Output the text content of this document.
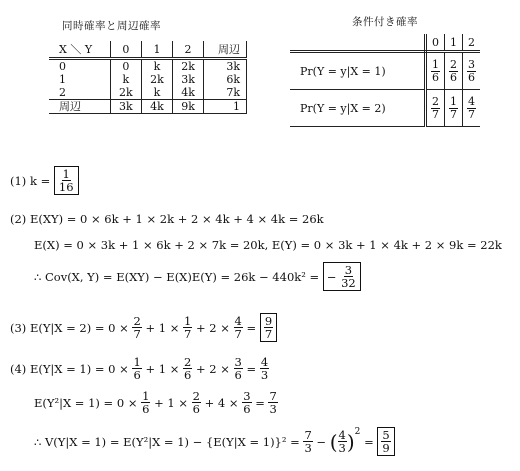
同時確率と周辺確率	条件付き確率
X ＼ Y	0	1	2	周辺
0	0	k	2k	3k
1	k	2k	3k	6k
2	2k	k	4k	7k
周辺	3k	4k	9k	1
	0	1	2
Pr(Y = y|X = 1)	$\frac{1}{6}$	$\frac{2}{6}$	$\frac{3}{6}$

Pr(Y = y|X = 2)	$\frac{2}{7}$	$\frac{1}{7}$	$\frac{4}{7}$
(1) k =
$\frac{1}{16}$
(2) E(XY) = 0 × 6k + 1 × 2k + 2 × 4k + 4 × 4k = 26k
E(X) = 0 × 3k + 1 × 6k + 2 × 7k = 20k, E(Y) = 0 × 3k + 1 × 4k + 2 × 9k = 22k
∴ Cov(X, Y) = E(XY) − E(X)E(Y) = 26k − 440k² =
−
$\frac{3}{32}$
(3) E(Y|X = 2) = 0 ×
$\frac{2}{7}$
+ 1 ×
$\frac{1}{7}$
+ 2 ×
$\frac{4}{7}$
=
$\frac{9}{7}$
(4) E(Y|X = 1) = 0 ×
$\frac{1}{6}$
+ 1 ×
$\frac{2}{6}$
+ 2 ×
$\frac{3}{6}$
=
$\frac{4}{3}$
E(Y²|X = 1) = 0 ×
$\frac{1}{6}$
+ 1 ×
$\frac{2}{6}$
+ 4 ×
$\frac{3}{6}$
=
$\frac{7}{3}$
∴ V(Y|X = 1) = E(Y²|X = 1) − {E(Y|X = 1)}² =
$\frac{7}{3}$
−
( $\frac{4}{3} )^2$

=
$\frac{5}{9}$
